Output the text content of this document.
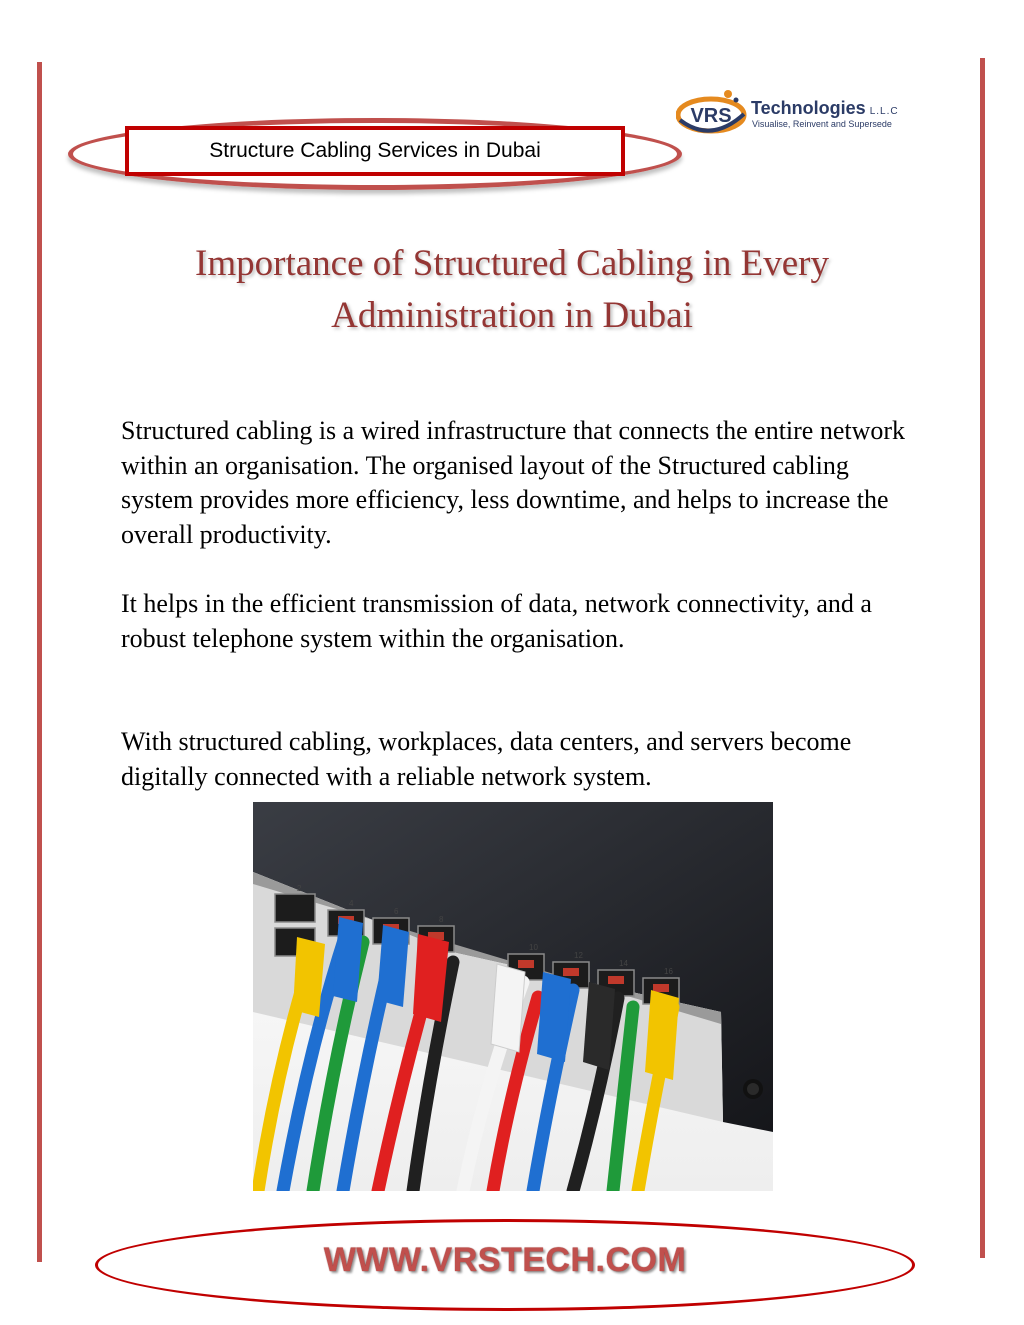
Structure Cabling Services in Dubai
VRS Technologies L.L.C
Visualise, Reinvent and Supersede
Importance of Structured Cabling in Every Administration in Dubai

Structured cabling is a wired infrastructure that connects the entire network within an organisation. The organised layout of the Structured cabling system provides more efficiency, less downtime, and helps to increase the overall productivity.

It helps in the efficient transmission of data, network connectivity, and a robust telephone system within the organisation.

With structured cabling, workplaces, data centers, and servers become digitally connected with a reliable network system.

2
4
6
8
10
12
14
16
WWW.VRSTECH.COM
